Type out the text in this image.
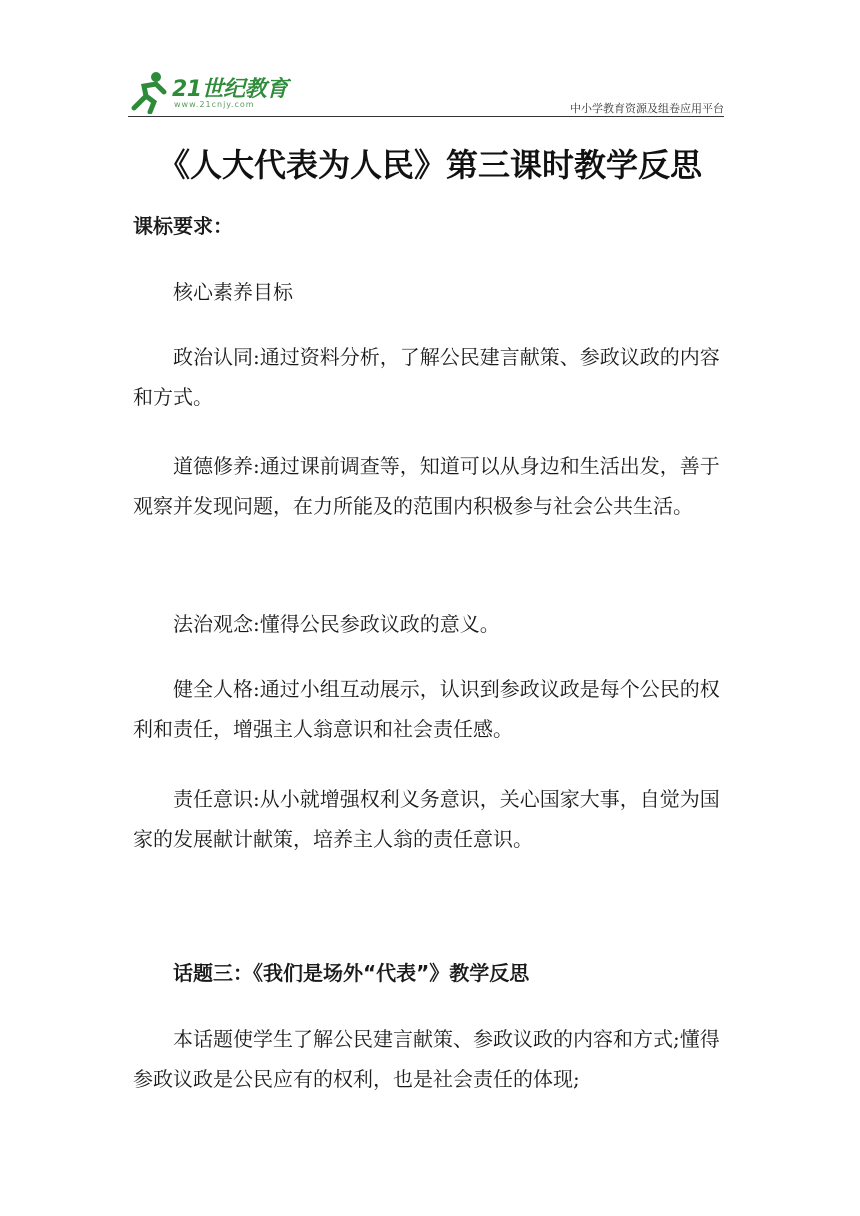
21世纪教育
www.21cnjy.com	中小学教育资源及组卷应用平台
《人大代表为人民》第三课时教学反思

课标要求：

核心素养目标

政治认同:通过资料分析，了解公民建言献策、参政议政的内容和方式。

道德修养:通过课前调查等，知道可以从身边和生活出发，善于观察并发现问题，在力所能及的范围内积极参与社会公共生活。

法治观念:懂得公民参政议政的意义。

健全人格:通过小组互动展示，认识到参政议政是每个公民的权利和责任，增强主人翁意识和社会责任感。

责任意识:从小就增强权利义务意识，关心国家大事，自觉为国家的发展献计献策，培养主人翁的责任意识。

话题三：《我们是场外“代表”》教学反思

本话题使学生了解公民建言献策、参政议政的内容和方式;懂得参政议政是公民应有的权利，也是社会责任的体现;
